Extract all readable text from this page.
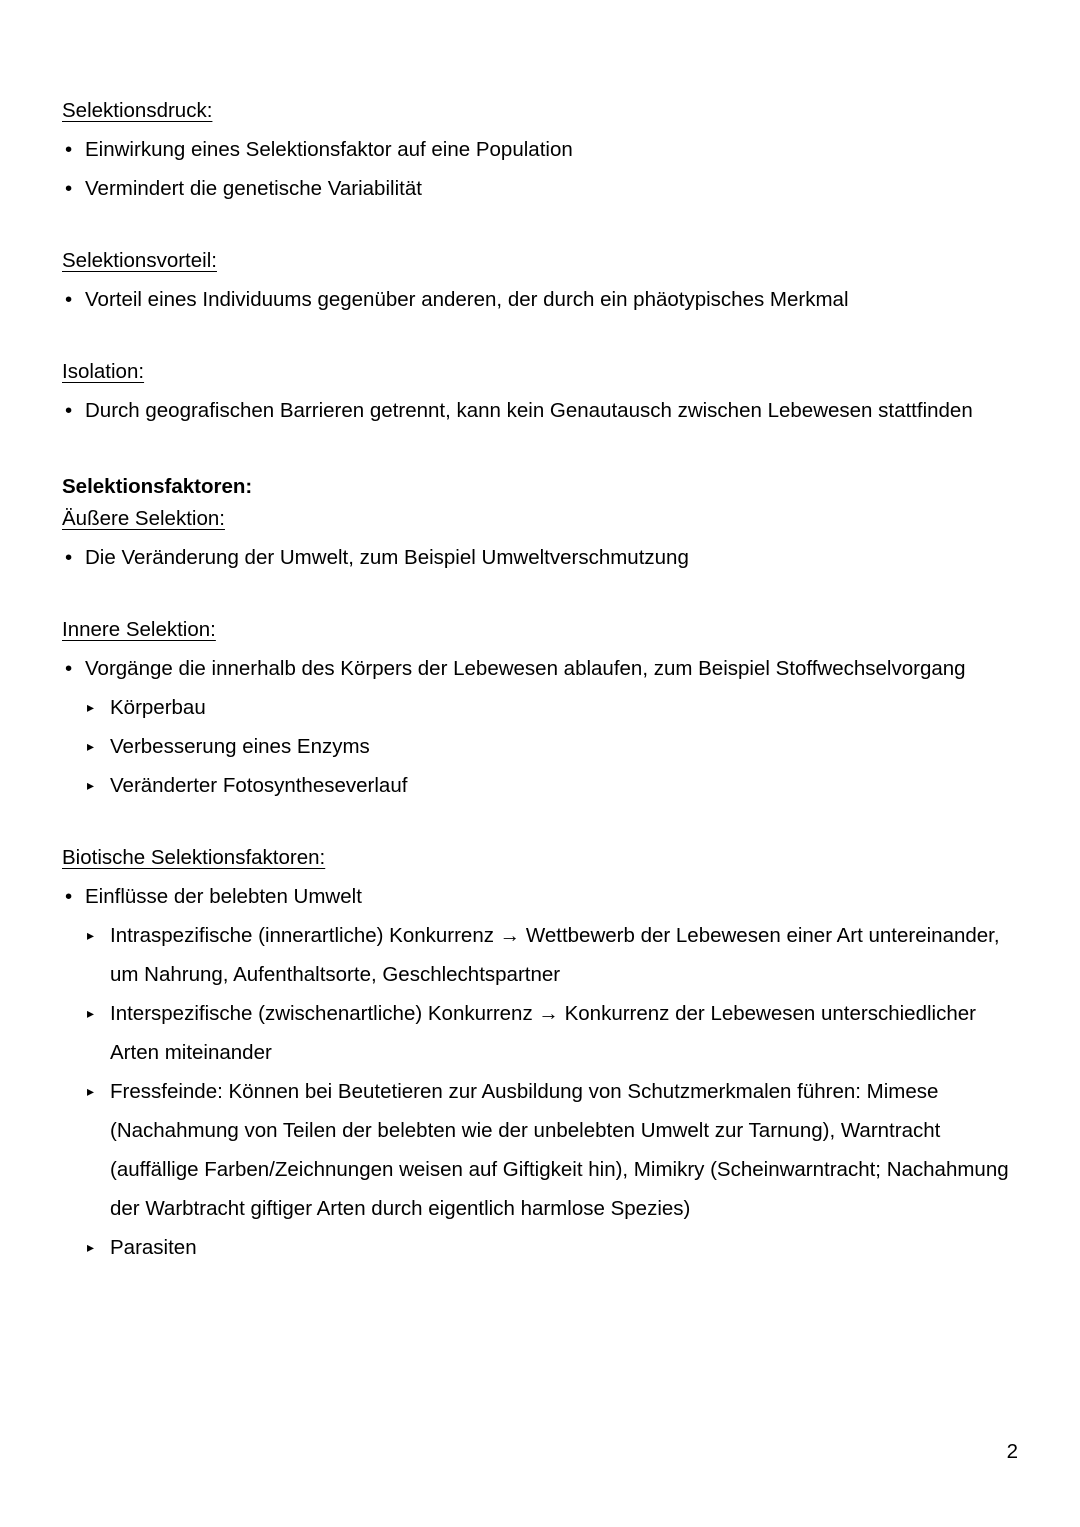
Selektionsdruck:
• Einwirkung eines Selektionsfaktor auf eine Population
• Vermindert die genetische Variabilität
Selektionsvorteil:
• Vorteil eines Individuums gegenüber anderen, der durch ein phäotypisches Merkmal
Isolation:
• Durch geografischen Barrieren getrennt, kann kein Genautausch zwischen Lebewesen stattfinden
Selektionsfaktoren:
Äußere Selektion:
• Die Veränderung der Umwelt, zum Beispiel Umweltverschmutzung
Innere Selektion:
• Vorgänge die innerhalb des Körpers der Lebewesen ablaufen, zum Beispiel Stoffwechselvorgang
▸ Körperbau
▸ Verbesserung eines Enzyms
▸ Veränderter Fotosyntheseverlauf
Biotische Selektionsfaktoren:
• Einflüsse der belebten Umwelt
▸ Intraspezifische (innerartliche) Konkurrenz → Wettbewerb der Lebewesen einer Art untereinander, um Nahrung, Aufenthaltsorte, Geschlechtspartner
▸ Interspezifische (zwischenartliche) Konkurrenz → Konkurrenz der Lebewesen unterschiedlicher Arten miteinander
▸ Fressfeinde: Können bei Beutetieren zur Ausbildung von Schutzmerkmalen führen: Mimese (Nachahmung von Teilen der belebten wie der unbelebten Umwelt zur Tarnung), Warntracht (auffällige Farben/Zeichnungen weisen auf Giftigkeit hin), Mimikry (Scheinwarntracht; Nachahmung der Warbtracht giftiger Arten durch eigentlich harmlose Spezies)
▸ Parasiten
2
